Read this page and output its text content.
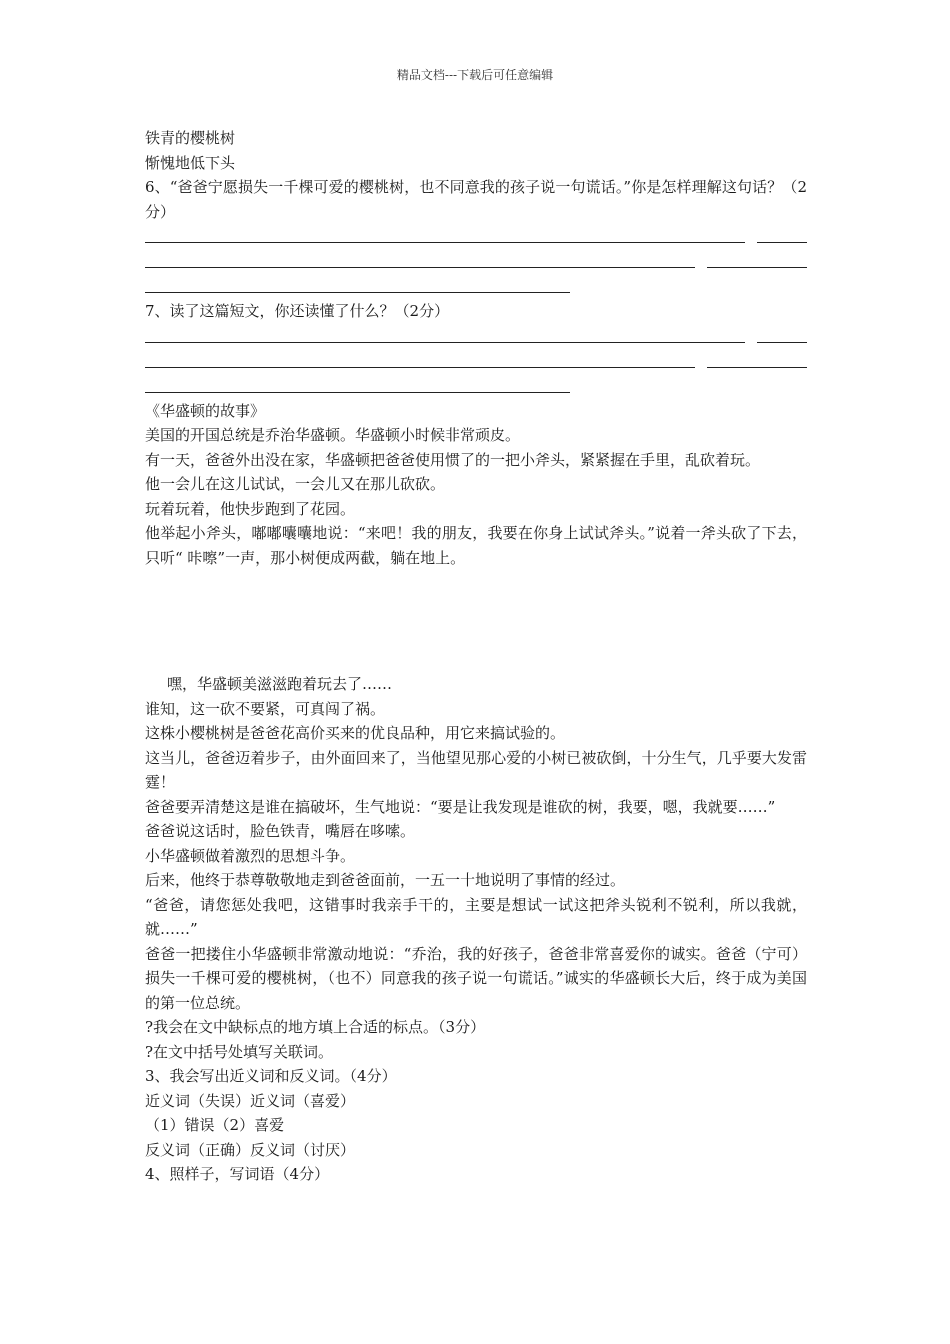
精品文档---下载后可任意编辑

铁青的樱桃树

惭愧地低下头

6、“爸爸宁愿损失一千棵可爱的樱桃树，也不同意我的孩子说一句谎话。”你是怎样理解这句话？（2分）

7、读了这篇短文，你还读懂了什么？（2分）

《华盛顿的故事》

美国的开国总统是乔治华盛顿。华盛顿小时候非常顽皮。

有一天，爸爸外出没在家，华盛顿把爸爸使用惯了的一把小斧头，紧紧握在手里，乱砍着玩。

他一会儿在这儿试试，一会儿又在那儿砍砍。

玩着玩着，他快步跑到了花园。

他举起小斧头，嘟嘟囔囔地说：“来吧！我的朋友，我要在你身上试试斧头。”说着一斧头砍了下去，只听“ 咔嚓”一声，那小树便成两截，躺在地上。

嘿，华盛顿美滋滋跑着玩去了……

谁知，这一砍不要紧，可真闯了祸。

这株小樱桃树是爸爸花高价买来的优良品种，用它来搞试验的。

这当儿，爸爸迈着步子，由外面回来了，当他望见那心爱的小树已被砍倒，十分生气，几乎要大发雷霆！

爸爸要弄清楚这是谁在搞破坏，生气地说：“要是让我发现是谁砍的树，我要，嗯，我就要……”

爸爸说这话时，脸色铁青，嘴唇在哆嗦。

小华盛顿做着激烈的思想斗争。

后来，他终于恭尊敬敬地走到爸爸面前，一五一十地说明了事情的经过。

“爸爸，请您惩处我吧，这错事时我亲手干的，主要是想试一试这把斧头锐利不锐利，所以我就，就……”

爸爸一把搂住小华盛顿非常激动地说：“乔治，我的好孩子，爸爸非常喜爱你的诚实。爸爸（宁可）损失一千棵可爱的樱桃树，（也不）同意我的孩子说一句谎话。”诚实的华盛顿长大后，终于成为美国的第一位总统。

?我会在文中缺标点的地方填上合适的标点。（3分）

?在文中括号处填写关联词。

3、我会写出近义词和反义词。（4分）

近义词（失误）近义词（喜爱）

（1）错误（2）喜爱

反义词（正确）反义词（讨厌）

4、照样子，写词语（4分）
